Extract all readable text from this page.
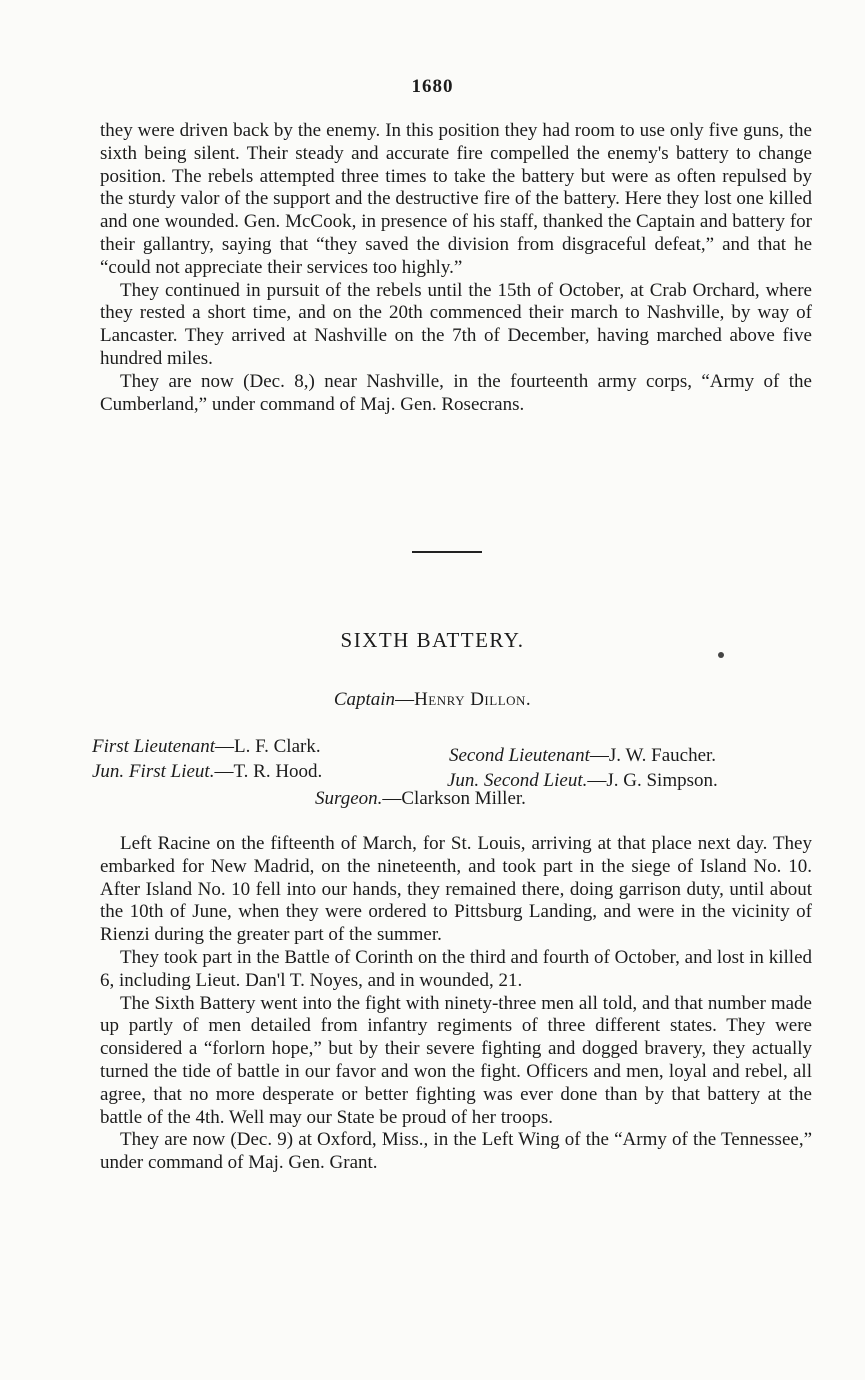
1680

they were driven back by the enemy. In this position they had room to use only five guns, the sixth being silent. Their steady and accurate fire compelled the enemy's battery to change position. The rebels attempted three times to take the battery but were as often repulsed by the sturdy valor of the support and the destructive fire of the battery. Here they lost one killed and one wounded. Gen. McCook, in presence of his staff, thanked the Captain and battery for their gallantry, saying that “they saved the division from disgraceful defeat,” and that he “could not appreciate their services too highly.”

They continued in pursuit of the rebels until the 15th of October, at Crab Orchard, where they rested a short time, and on the 20th commenced their march to Nashville, by way of Lancaster. They arrived at Nashville on the 7th of December, having marched above five hundred miles.

They are now (Dec. 8,) near Nashville, in the fourteenth army corps, “Army of the Cumberland,” under command of Maj. Gen. Rosecrans.

SIXTH BATTERY.
Captain—Henry Dillon.
First Lieutenant—L. F. Clark.	Second Lieutenant—J. W. Faucher.
Jun. First Lieut.—T. R. Hood.	Jun. Second Lieut.—J. G. Simpson.
Surgeon.—Clarkson Miller.

Left Racine on the fifteenth of March, for St. Louis, arriving at that place next day. They embarked for New Madrid, on the nineteenth, and took part in the siege of Island No. 10. After Island No. 10 fell into our hands, they remained there, doing garrison duty, until about the 10th of June, when they were ordered to Pittsburg Landing, and were in the vicinity of Rienzi during the greater part of the summer.

They took part in the Battle of Corinth on the third and fourth of October, and lost in killed 6, including Lieut. Dan'l T. Noyes, and in wounded, 21.

The Sixth Battery went into the fight with ninety-three men all told, and that number made up partly of men detailed from infantry regiments of three different states. They were considered a “forlorn hope,” but by their severe fighting and dogged bravery, they actually turned the tide of battle in our favor and won the fight. Officers and men, loyal and rebel, all agree, that no more desperate or better fighting was ever done than by that battery at the battle of the 4th. Well may our State be proud of her troops.

They are now (Dec. 9) at Oxford, Miss., in the Left Wing of the “Army of the Tennessee,” under command of Maj. Gen. Grant.
